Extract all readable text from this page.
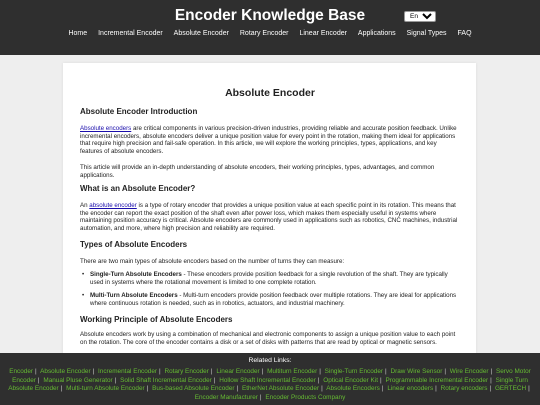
Encoder Knowledge Base
English
Home Incremental Encoder Absolute Encoder Rotary Encoder Linear Encoder Applications Signal Types FAQ
Absolute Encoder
Absolute Encoder Introduction

Absolute encoders are critical components in various precision-driven industries, providing reliable and accurate position feedback. Unlike incremental encoders, absolute encoders deliver a unique position value for every point in the rotation, making them ideal for applications that require high precision and fail-safe operation. In this article, we will explore the working principles, types, applications, and key features of absolute encoders.

This article will provide an in-depth understanding of absolute encoders, their working principles, types, advantages, and common applications.

What is an Absolute Encoder?

An absolute encoder is a type of rotary encoder that provides a unique position value at each specific point in its rotation. This means that the encoder can report the exact position of the shaft even after power loss, which makes them especially useful in systems where maintaining position accuracy is critical. Absolute encoders are commonly used in applications such as robotics, CNC machines, industrial automation, and more, where high precision and reliability are required.

Types of Absolute Encoders

There are two main types of absolute encoders based on the number of turns they can measure:

• Single-Turn Absolute Encoders - These encoders provide position feedback for a single revolution of the shaft. They are typically used in systems where the rotational movement is limited to one complete rotation.
• Multi-Turn Absolute Encoders - Multi-turn encoders provide position feedback over multiple rotations. They are ideal for applications where continuous rotation is needed, such as in robotics, actuators, and industrial machinery.
Working Principle of Absolute Encoders

Absolute encoders work by using a combination of mechanical and electronic components to assign a unique position value to each point on the rotation. The core of the encoder contains a disk or a set of disks with patterns that are read by optical or magnetic sensors.

Related Links:
Encoder | Absolute Encoder | Incremental Encoder | Rotary Encoder | Linear Encoder | Multiturn Encoder | Single-Turn Encoder | Draw Wire Sensor | Wire Encoder | Servo Motor Encoder | Manual Pluse Generator | Solid Shaft Incremental Encoder | Hollow Shaft Incremental Encoder | Optical Encoder Kit | Programmable Incremental Encoder | Single Turn Absolute Encoder | Multi-turn Absolute Encoder | Bus-based Absolute Encoder | EtherNet Absolute Encoder | Absolute Encoders | Linear encoders | Rotary encoders | GERTECH | Encoder Manufacturer | Encoder Products Company
